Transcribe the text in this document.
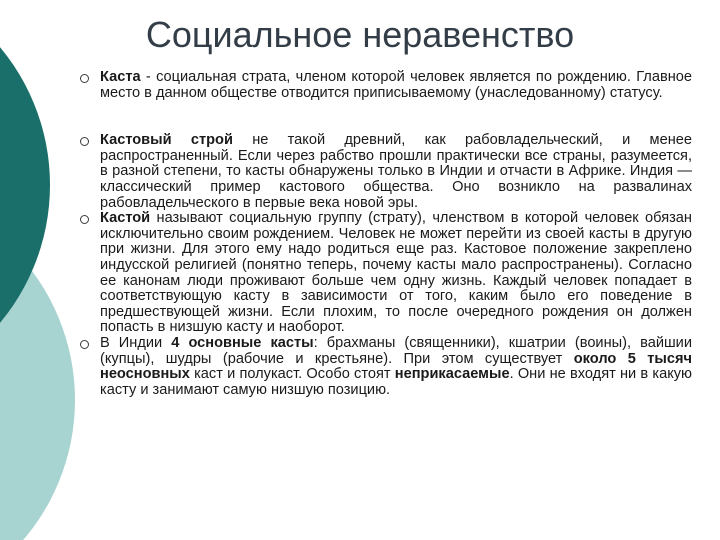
Социальное неравенство
Каста - социальная страта, членом которой человек является по рождению. Главное место в данном обществе отводится приписываемому (унаследованному) статусу.
Кастовый строй не такой древний, как рабовладельческий, и менее распространенный. Если через рабство прошли практически все страны, разумеется, в разной степени, то касты обнаружены только в Индии и отчасти в Африке. Индия — классический пример кастового общества. Оно возникло на развалинах рабовладельческого в первые века новой эры.
Кастой называют социальную группу (страту), членством в которой человек обязан исключительно своим рождением. Человек не может перейти из своей касты в другую при жизни. Для этого ему надо родиться еще раз. Кастовое положение закреплено индусской религией (понятно теперь, почему касты мало распространены). Согласно ее канонам люди проживают больше чем одну жизнь. Каждый человек попадает в соответствующую касту в зависимости от того, каким было его поведение в предшествующей жизни. Если плохим, то после очередного рождения он должен попасть в низшую касту и наоборот.
В Индии 4 основные касты: брахманы (священники), кшатрии (воины), вайшии (купцы), шудры (рабочие и крестьяне). При этом существует около 5 тысяч неосновных каст и полукаст. Особо стоят неприкасаемые. Они не входят ни в какую касту и занимают самую низшую позицию.
